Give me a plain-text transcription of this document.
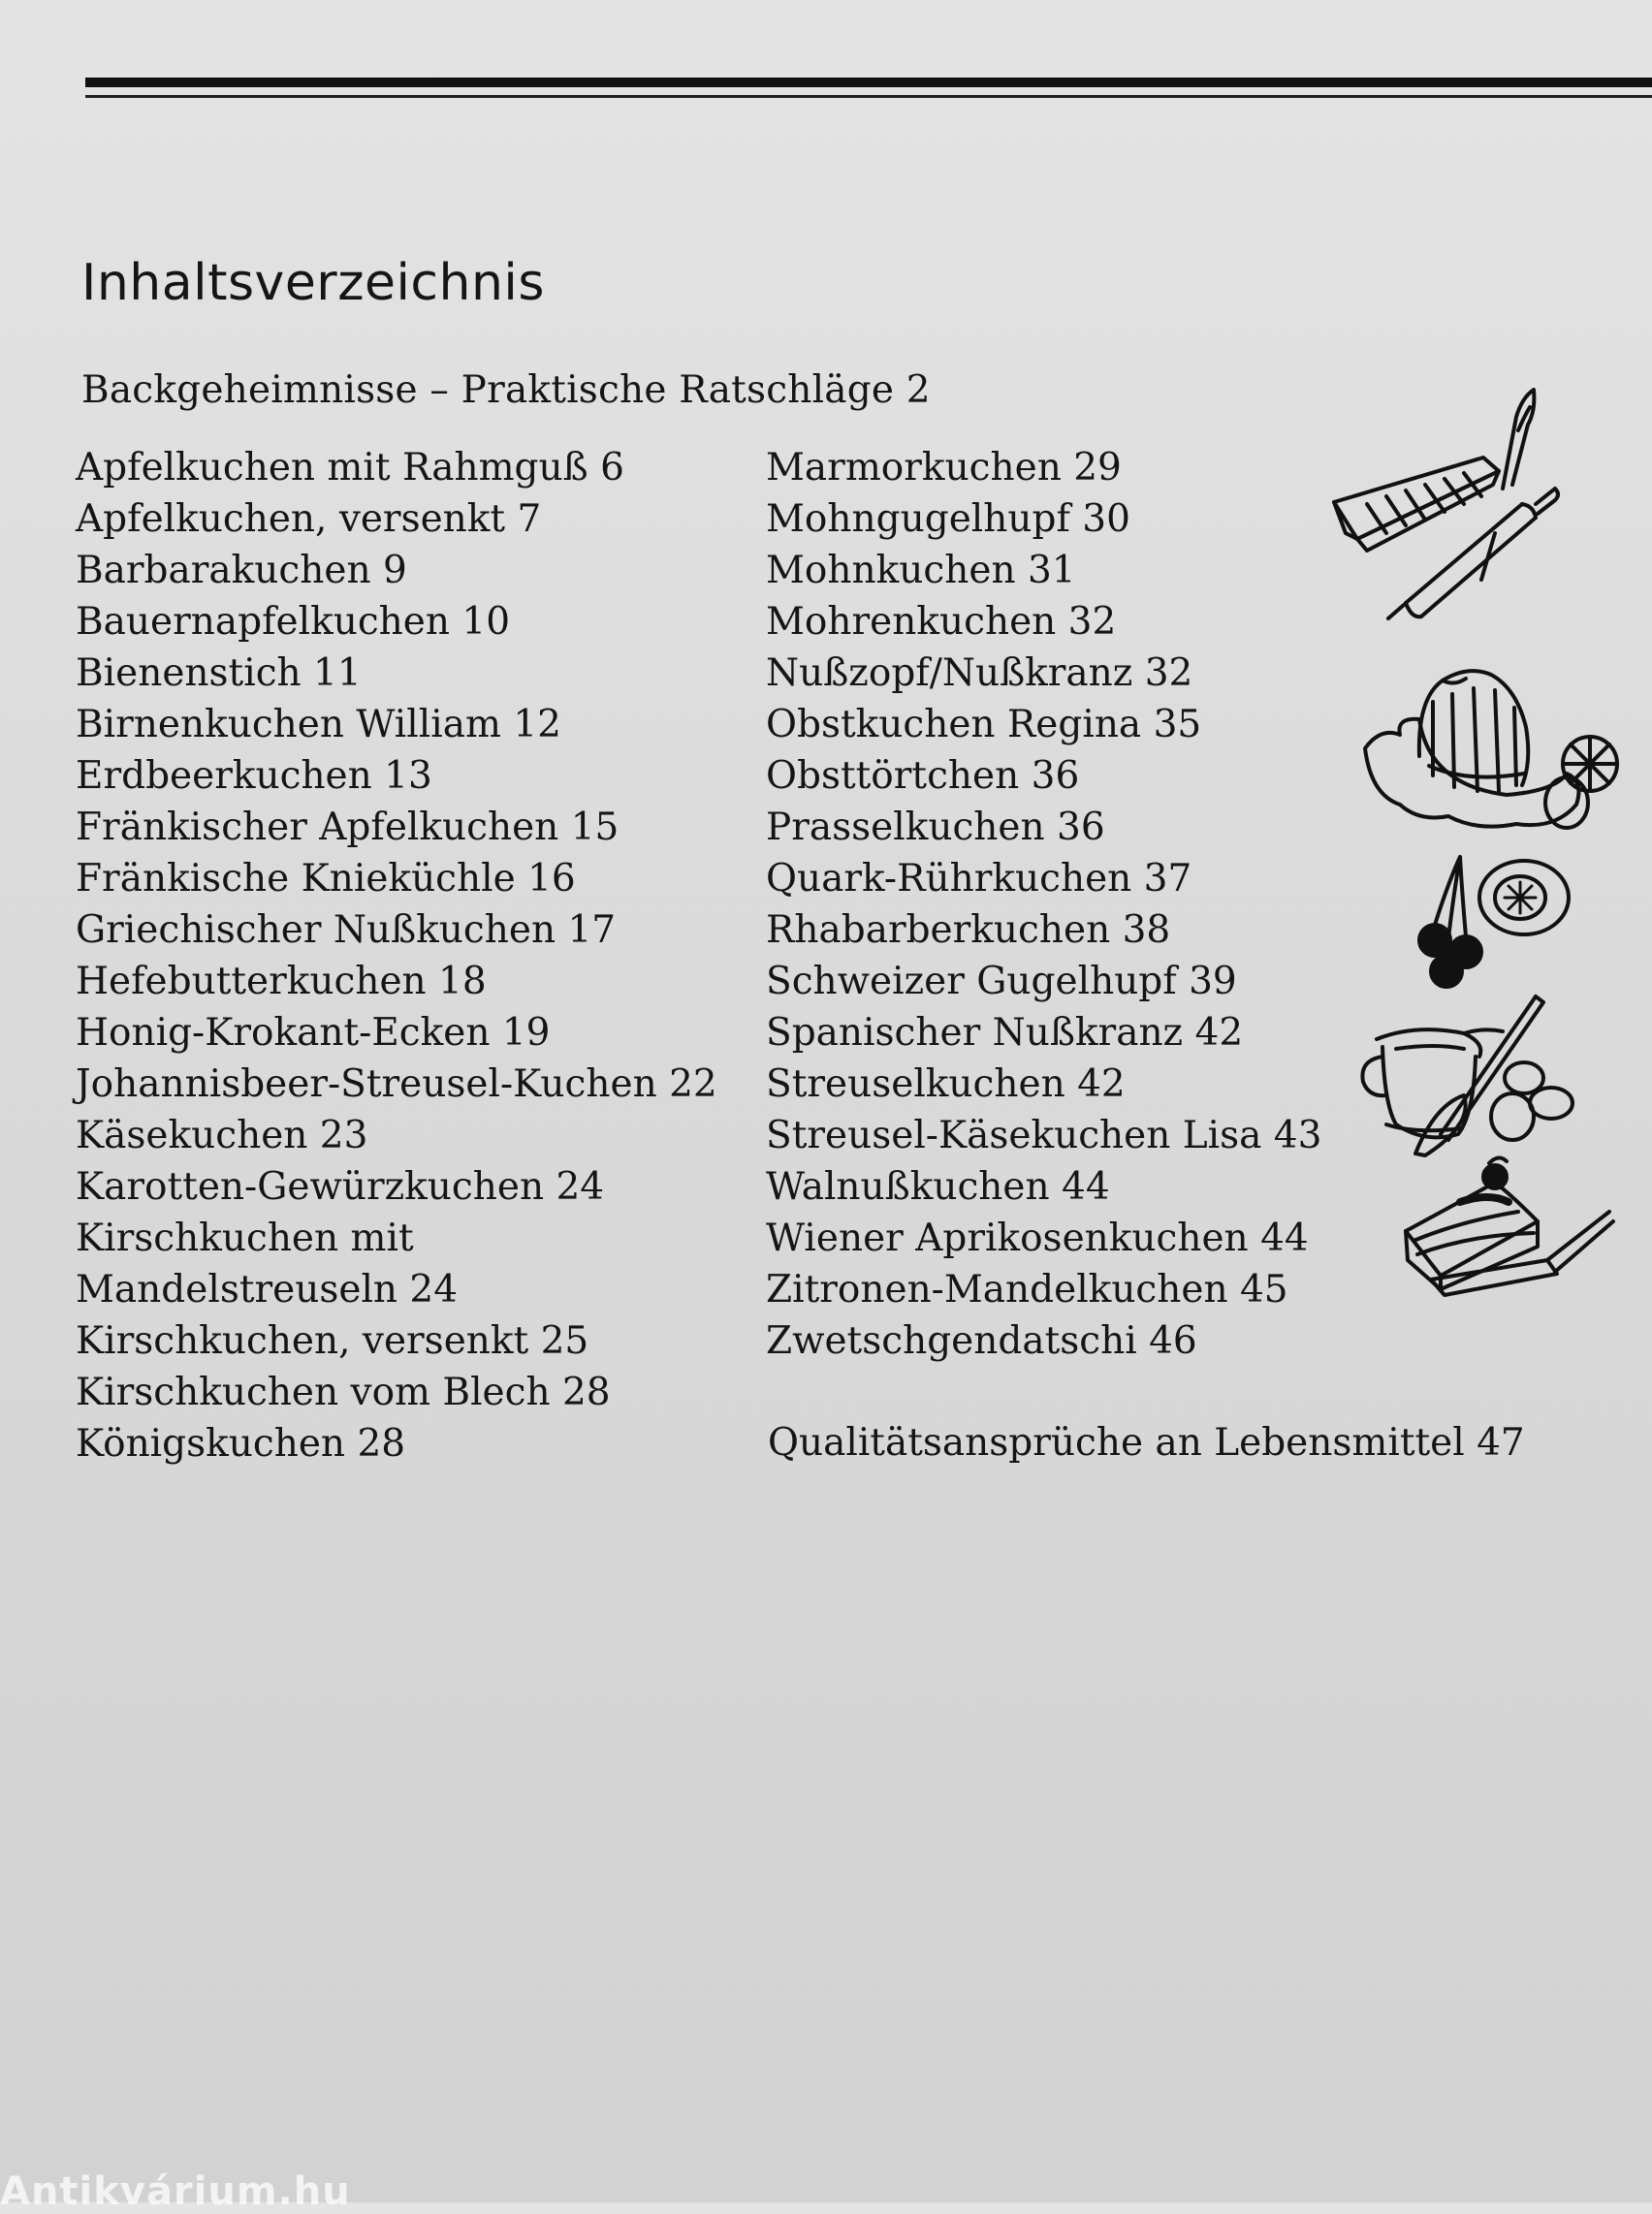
Inhaltsverzeichnis
Backgeheimnisse – Praktische Ratschläge 2
Apfelkuchen mit Rahmguß 6
Apfelkuchen, versenkt 7
Barbarakuchen 9
Bauernapfelkuchen 10
Bienenstich 11
Birnenkuchen William 12
Erdbeerkuchen 13
Fränkischer Apfelkuchen 15
Fränkische Knieküchle 16
Griechischer Nußkuchen 17
Hefebutterkuchen 18
Honig-Krokant-Ecken 19
Johannisbeer-Streusel-Kuchen 22
Käsekuchen 23
Karotten-Gewürzkuchen 24
Kirschkuchen mit
Mandelstreuseln 24
Kirschkuchen, versenkt 25
Kirschkuchen vom Blech 28
Königskuchen 28
Marmorkuchen 29
Mohngugelhupf 30
Mohnkuchen 31
Mohrenkuchen 32
Nußzopf/Nußkranz 32
Obstkuchen Regina 35
Obsttörtchen 36
Prasselkuchen 36
Quark-Rührkuchen 37
Rhabarberkuchen 38
Schweizer Gugelhupf 39
Spanischer Nußkranz 42
Streuselkuchen 42
Streusel-Käsekuchen Lisa 43
Walnußkuchen 44
Wiener Aprikosenkuchen 44
Zitronen-Mandelkuchen 45
Zwetschgendatschi 46
Qualitätsansprüche an Lebensmittel 47
Antikvárium.hu
